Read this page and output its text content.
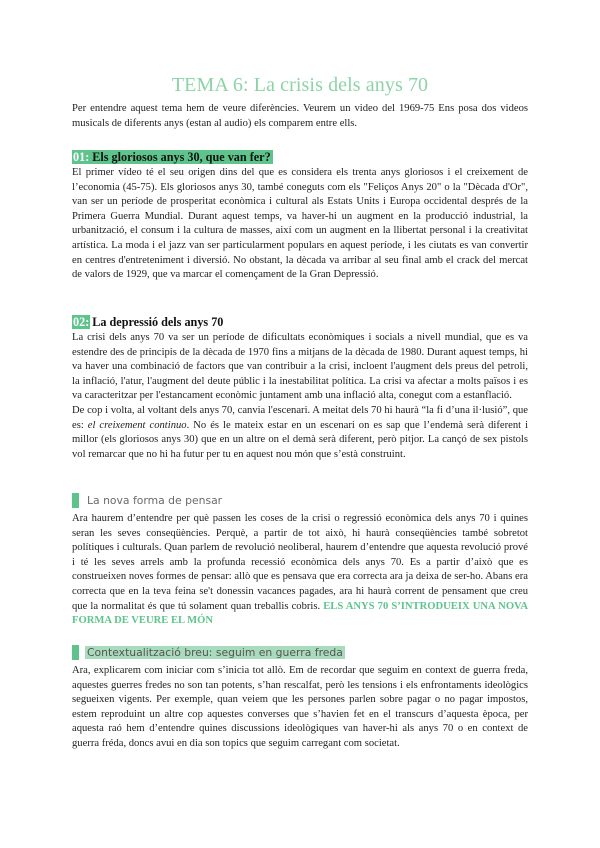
TEMA 6: La crisis dels anys 70

Per entendre aquest tema hem de veure diferències. Veurem un video del 1969-75 Ens posa dos videos musicals de diferents anys (estan al audio) els comparem entre ells.

01: Els gloriosos anys 30, que van fer?

El primer vídeo té el seu origen dins del que es considera els trenta anys gloriosos i el creixement de l’economia (45-75). Els gloriosos anys 30, també coneguts com els "Feliços Anys 20" o la "Dècada d'Or", van ser un període de prosperitat econòmica i cultural als Estats Units i Europa occidental després de la Primera Guerra Mundial. Durant aquest temps, va haver-hi un augment en la producció industrial, la urbanització, el consum i la cultura de masses, així com un augment en la llibertat personal i la creativitat artística. La moda i el jazz van ser particularment populars en aquest període, i les ciutats es van convertir en centres d'entreteniment i diversió. No obstant, la dècada va arribar al seu final amb el crack del mercat de valors de 1929, que va marcar el començament de la Gran Depressió.

02: La depressió dels anys 70

La crisi dels anys 70 va ser un període de dificultats econòmiques i socials a nivell mundial, que es va estendre des de principis de la dècada de 1970 fins a mitjans de la dècada de 1980. Durant aquest temps, hi va haver una combinació de factors que van contribuir a la crisi, incloent l'augment dels preus del petroli, la inflació, l'atur, l'augment del deute públic i la inestabilitat política. La crisi va afectar a molts països i es va caracteritzar per l'estancament econòmic juntament amb una inflació alta, conegut com a estanflació.

De cop i volta, al voltant dels anys 70, canvia l'escenari. A meitat dels 70 hi haurà “la fi d’una il·lusió”, que es: el creixement continuo. No és le mateix estar en un escenari on es sap que l’endemà serà diferent i millor (els gloriosos anys 30) que en un altre on el demà serà diferent, però pitjor. La cançó de sex pistols vol remarcar que no hi ha futur per tu en aquest nou món que s’està construint.

La nova forma de pensar

Ara haurem d’entendre per què passen les coses de la crisi o regressió econòmica dels anys 70 i quines seran les seves conseqüències. Perquè, a partir de tot això, hi haurà conseqüències també sobretot polítiques i culturals. Quan parlem de revolució neoliberal, haurem d’entendre que aquesta revolució prové i té les seves arrels amb la profunda recessió econòmica dels anys 70. Es a partir d’això que es construeixen noves formes de pensar: allò que es pensava que era correcta ara ja deixa de ser-ho. Abans era correcta que en la teva feina se't donessin vacances pagades, ara hi haurà corrent de pensament que creu que la normalitat és que tú solament quan treballis cobris. ELS ANYS 70 S’INTRODUEIX UNA NOVA FORMA DE VEURE EL MÓN

Contextualització breu: seguim en guerra freda

Ara, explicarem com iniciar com s’inicia tot allò. Em de recordar que seguim en context de guerra freda, aquestes guerres fredes no son tan potents, s’han rescalfat, però les tensions i els enfrontaments ideològics segueixen vigents. Per exemple, quan veiem que les persones parlen sobre pagar o no pagar impostos, estem reproduint un altre cop aquestes converses que s’havien fet en el transcurs d’aquesta època, per aquesta raó hem d’entendre quines discussions ideològiques van haver-hi als anys 70 o en context de guerra fréda, doncs avui en dia son topics que seguim carregant com societat.
